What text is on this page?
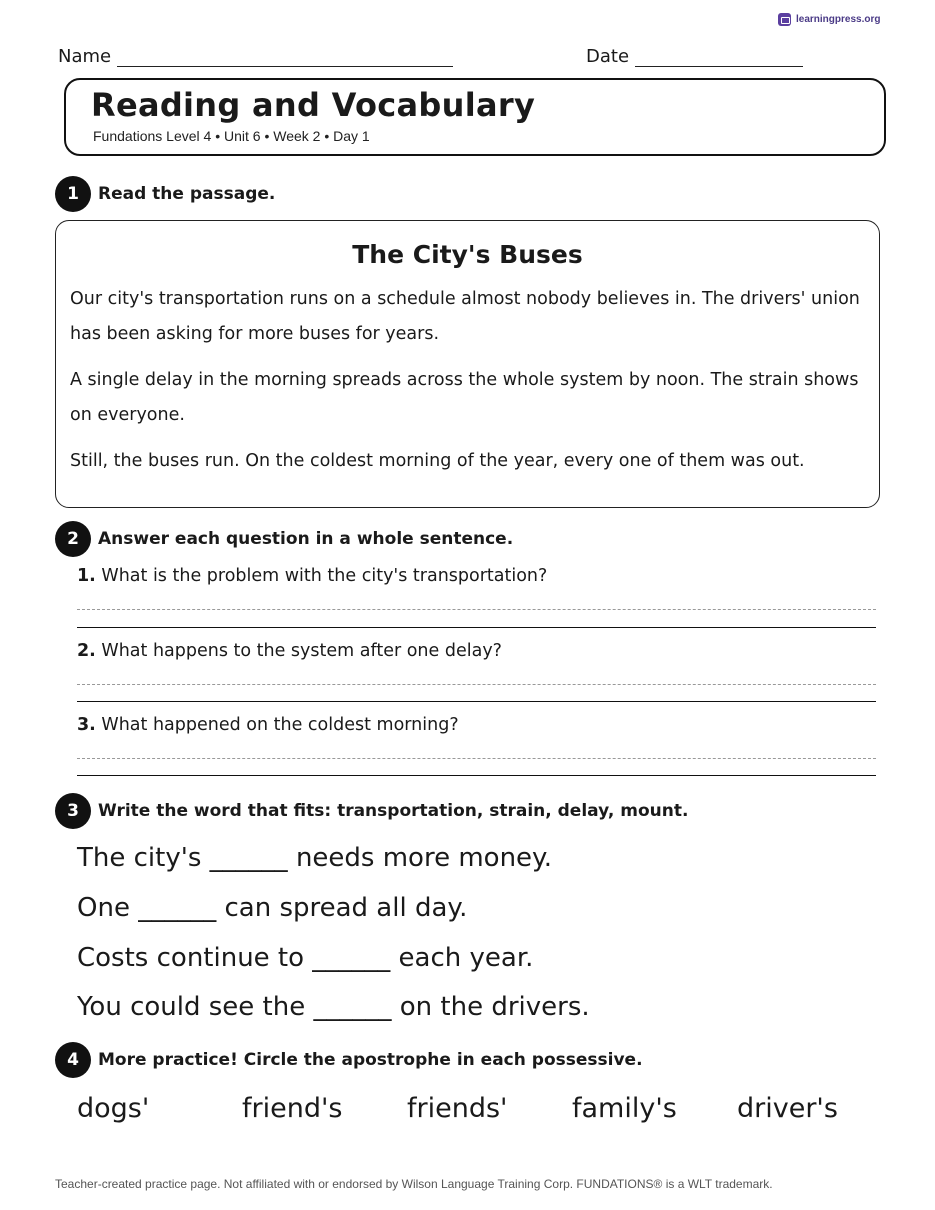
learningpress.org
Name	Date
Reading and Vocabulary
Fundations Level 4 • Unit 6 • Week 2 • Day 1
1	Read the passage.
The City's Buses
Our city's transportation runs on a schedule almost nobody believes in. The drivers' union has been asking for more buses for years.
A single delay in the morning spreads across the whole system by noon. The strain shows on everyone.
Still, the buses run. On the coldest morning of the year, every one of them was out.
2	Answer each question in a whole sentence.
1. What is the problem with the city's transportation?
2. What happens to the system after one delay?
3. What happened on the coldest morning?
3	Write the word that fits: transportation, strain, delay, mount.
The city's ______ needs more money.
One ______ can spread all day.
Costs continue to ______ each year.
You could see the ______ on the drivers.
4	More practice! Circle the apostrophe in each possessive.
dogs'	friend's friends' family's driver's
Teacher-created practice page. Not affiliated with or endorsed by Wilson Language Training Corp. FUNDATIONS® is a WLT trademark.
